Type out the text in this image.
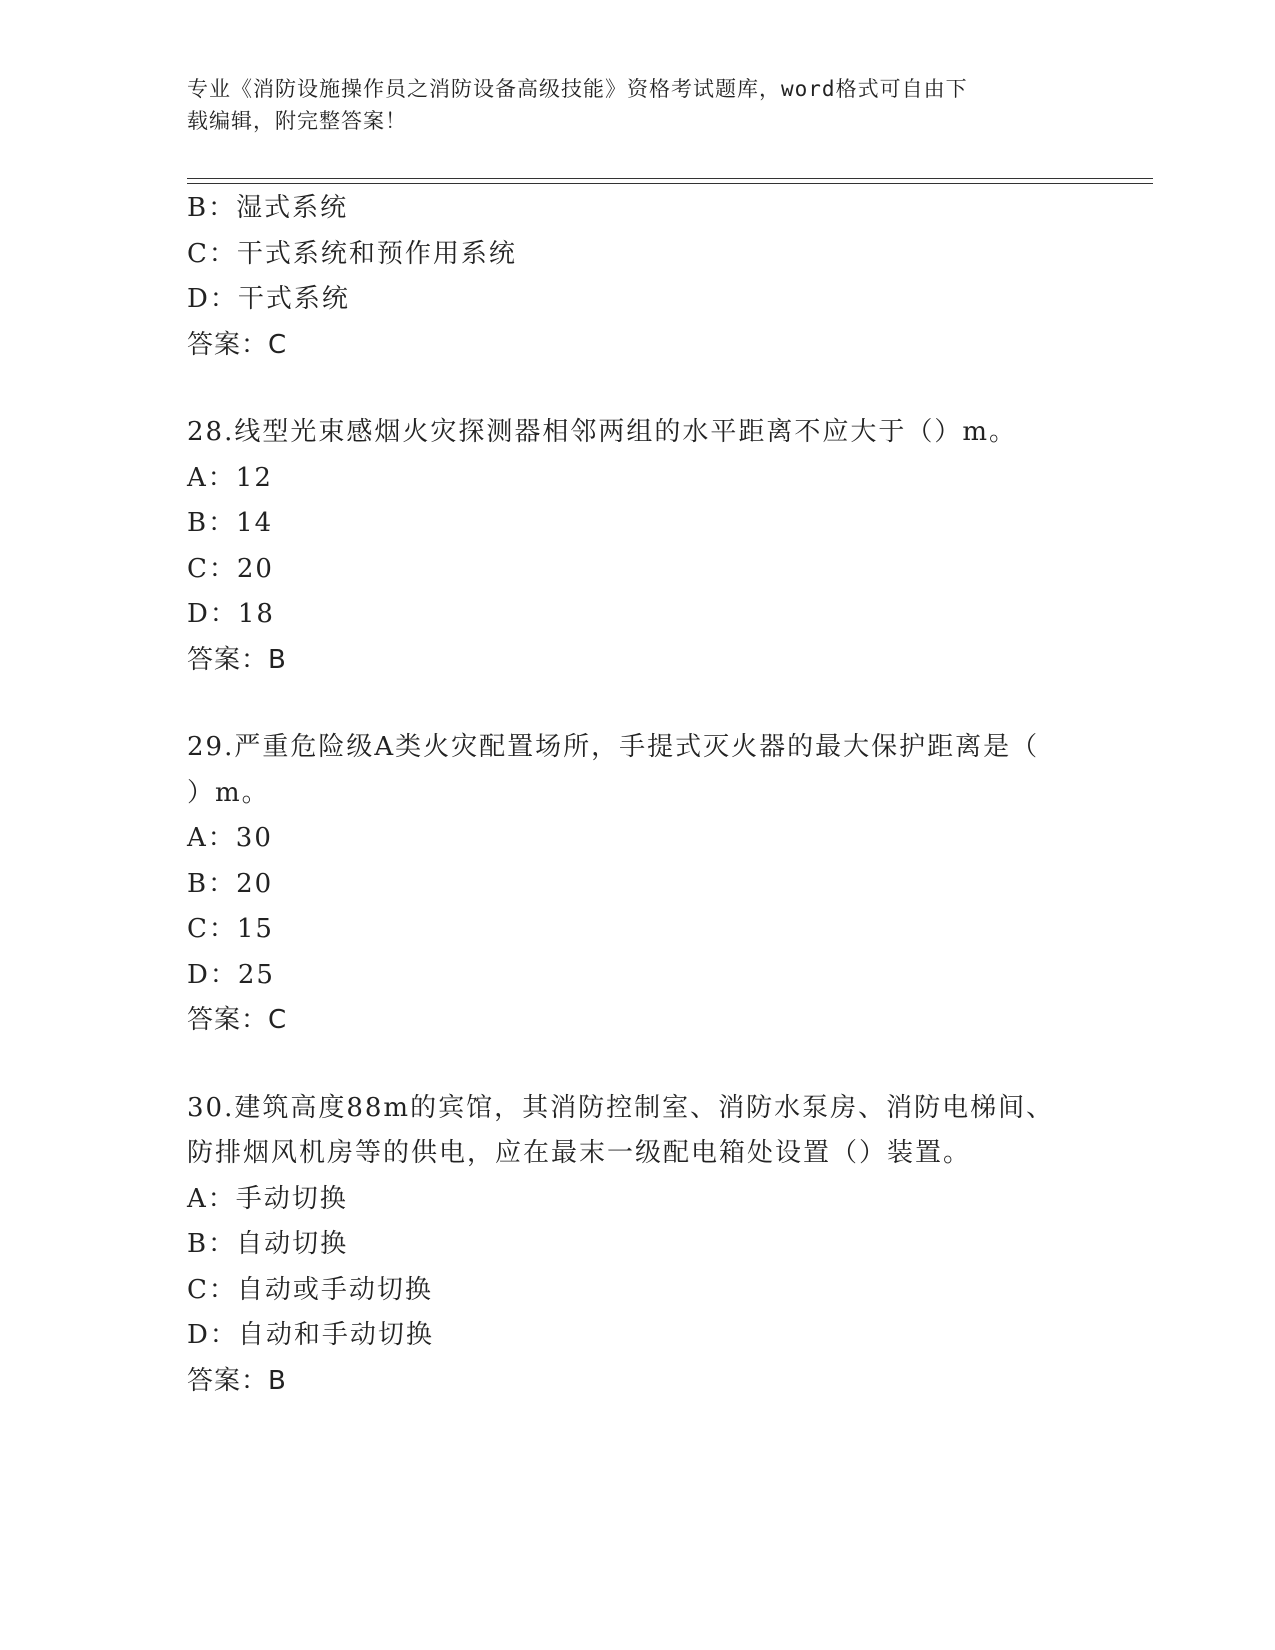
专业《消防设施操作员之消防设备高级技能》资格考试题库，word格式可自由下
载编辑，附完整答案！
B：湿式系统
C：干式系统和预作用系统
D：干式系统
答案：C
28.线型光束感烟火灾探测器相邻两组的水平距离不应大于（）m。
A：12
B：14
C：20
D：18
答案：B
29.严重危险级A类火灾配置场所，手提式灭火器的最大保护距离是（
）m。
A：30
B：20
C：15
D：25
答案：C
30.建筑高度88m的宾馆，其消防控制室、消防水泵房、消防电梯间、
防排烟风机房等的供电，应在最末一级配电箱处设置（）装置。
A：手动切换
B：自动切换
C：自动或手动切换
D：自动和手动切换
答案：B
